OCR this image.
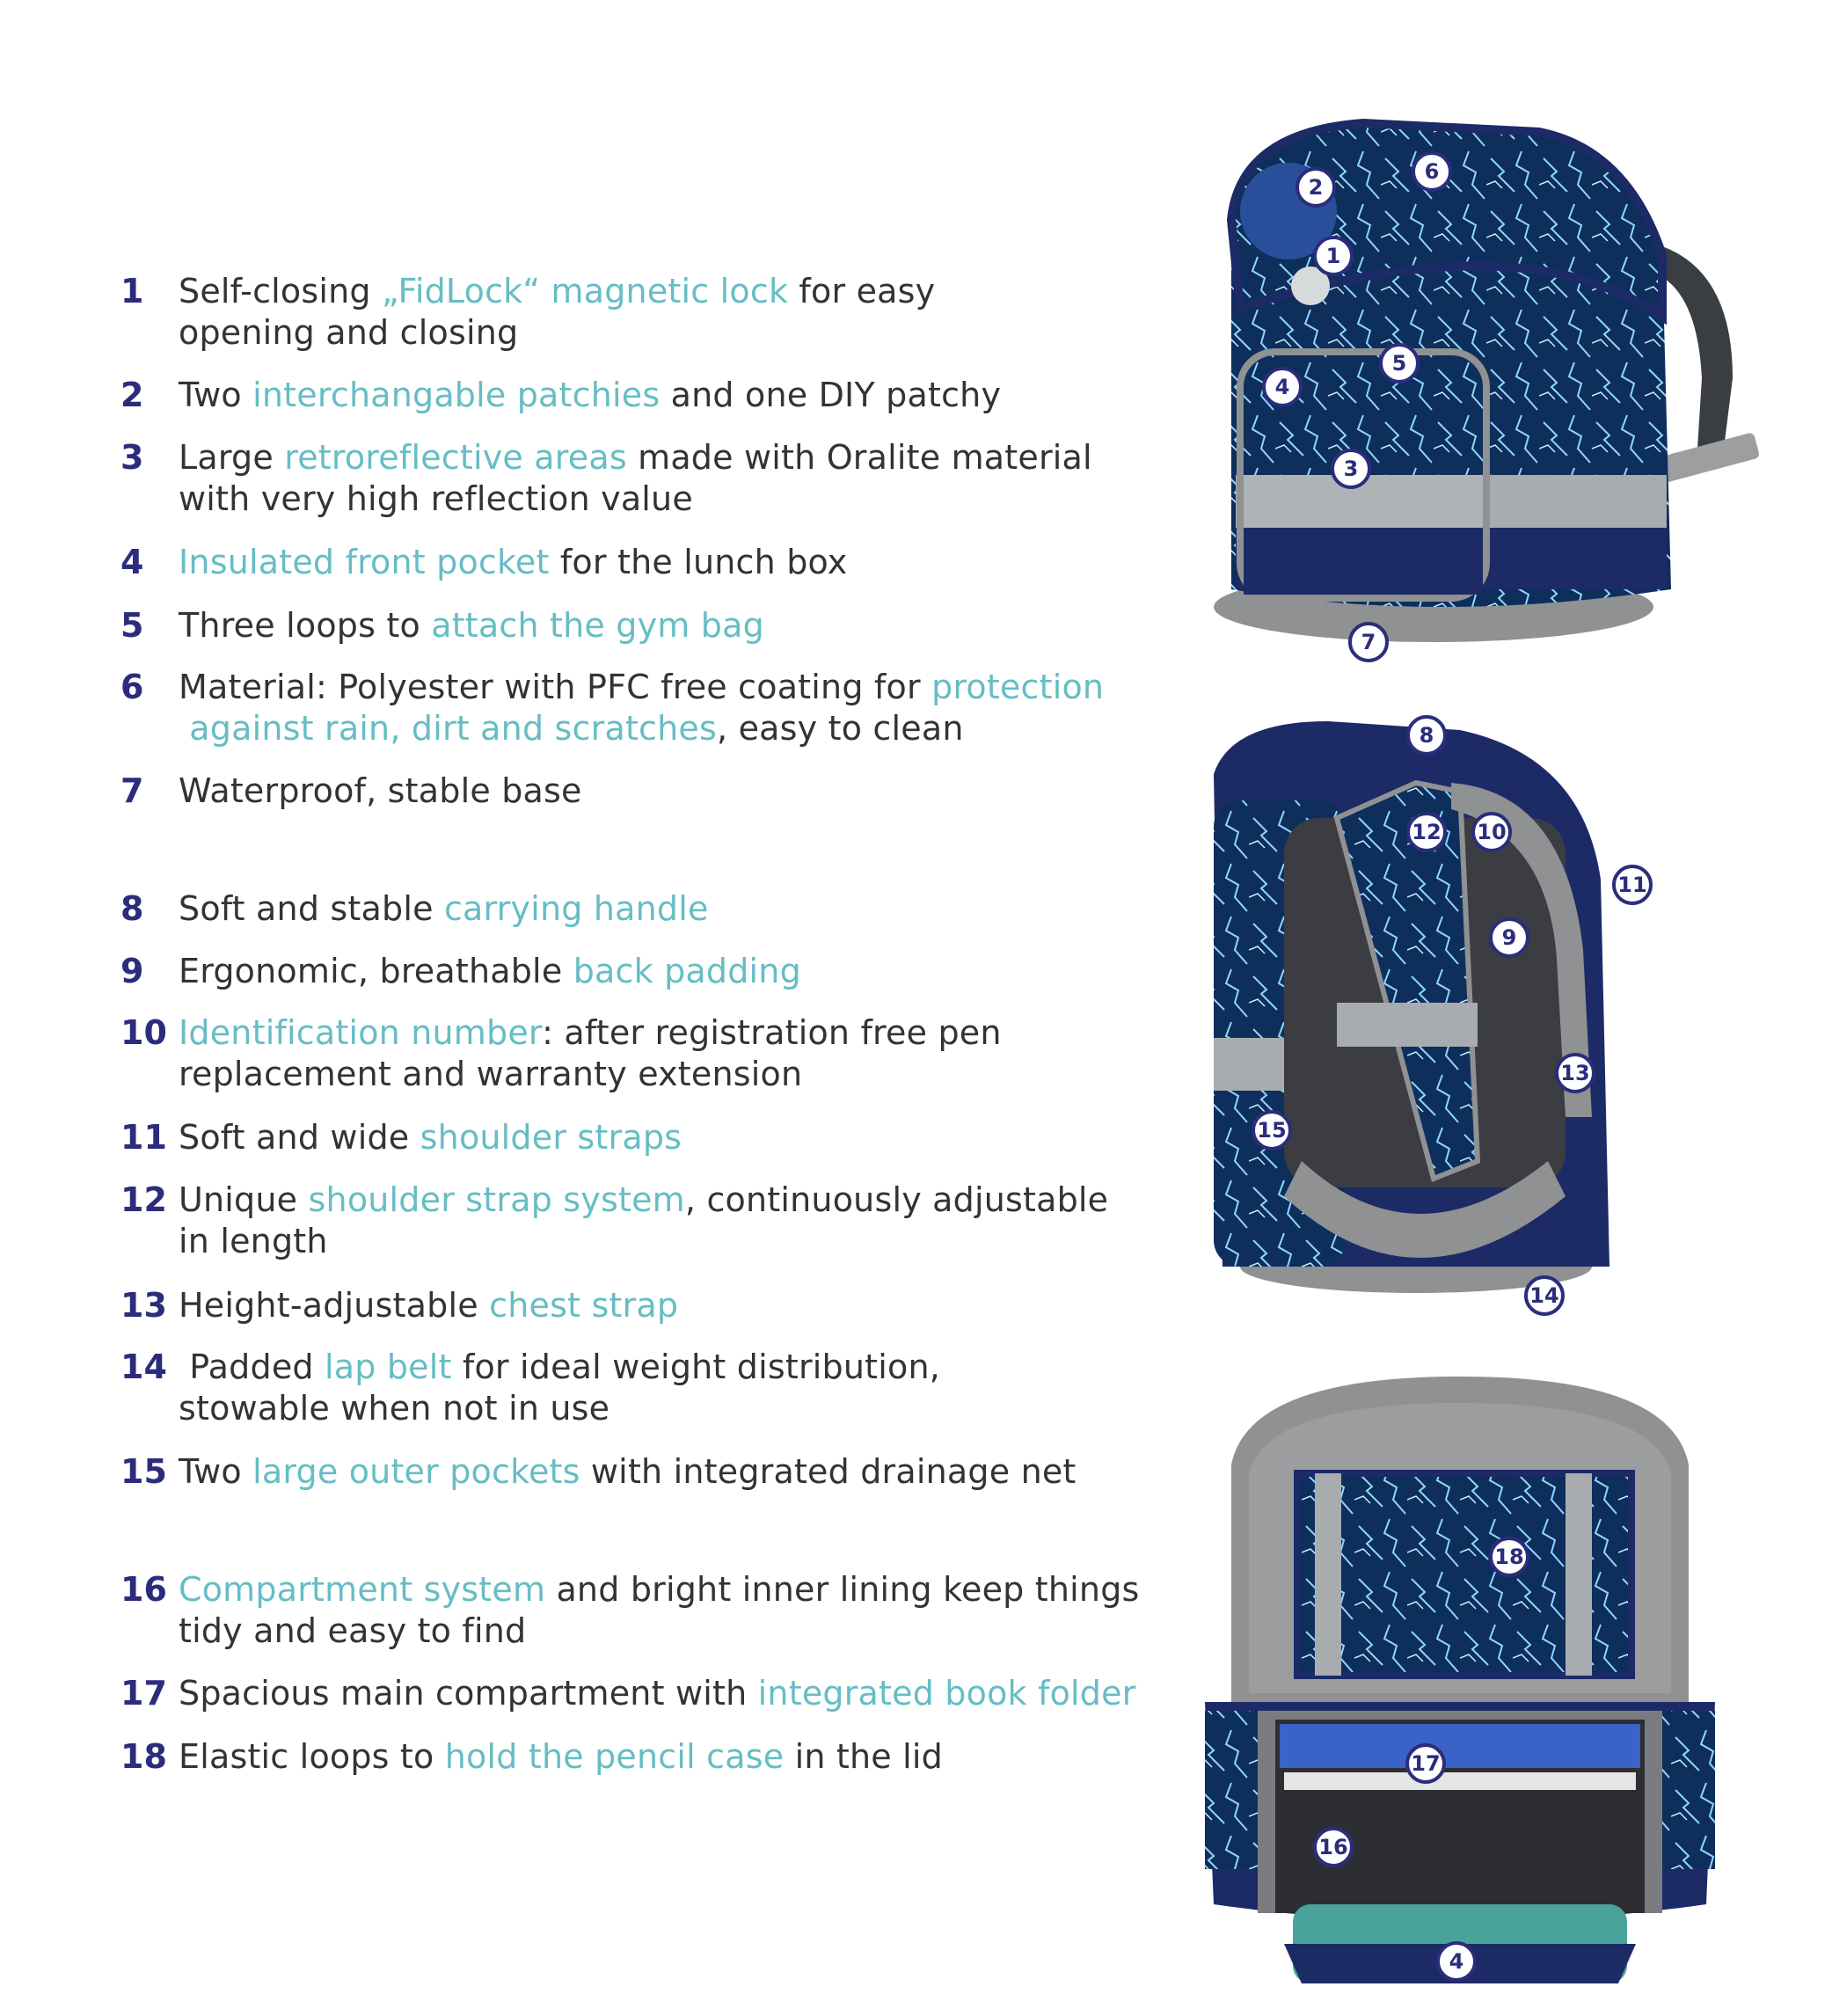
1	Self-closing „FidLock“ magnetic lock for easy
opening and closing
2	Two interchangable patchies and one DIY patchy
3	Large retroreflective areas made with Oralite material
with very high reflection value
4	Insulated front pocket for the lunch box
5	Three loops to attach the gym bag
6	Material: Polyester with PFC free coating for protection
against rain, dirt and scratches, easy to clean
7	Waterproof, stable base
8	Soft and stable carrying handle
9	Ergonomic, breathable back padding
10 Identification number: after registration free pen
replacement and warranty extension
11 Soft and wide shoulder straps
12 Unique shoulder strap system, continuously adjustable
in length
13 Height-adjustable chest strap
14 Padded lap belt for ideal weight distribution,
stowable when not in use
15 Two large outer pockets with integrated drainage net
16 Compartment system and bright inner lining keep things
tidy and easy to find
17 Spacious main compartment with integrated book folder
18 Elastic loops to hold the pencil case in the lid
1
2
3
4
5
6
7
8
9
10
11
12
13
14
15
4
16
17
18
